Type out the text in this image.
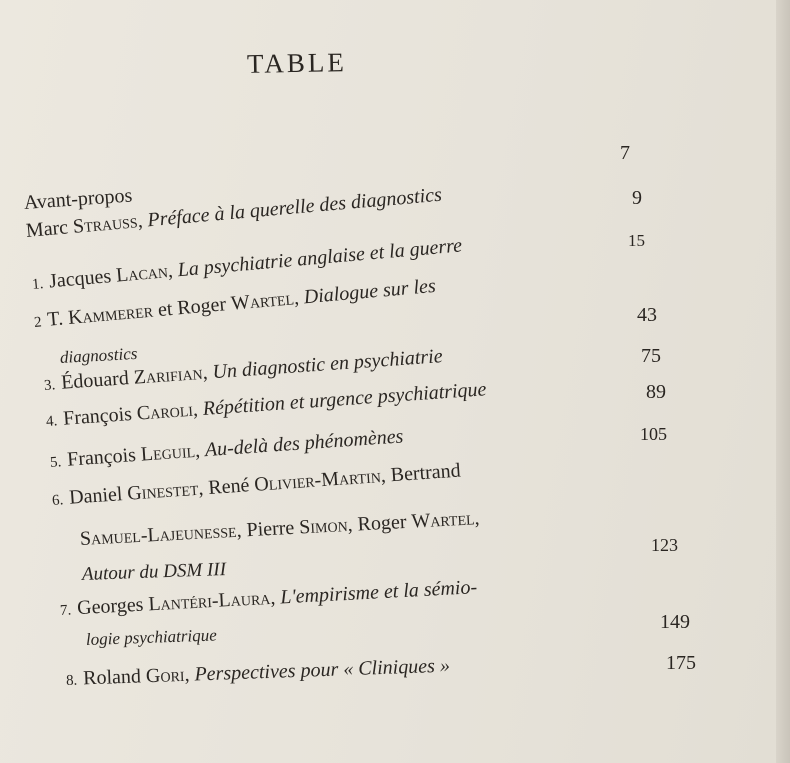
TABLE
7
9
15
43
75
89
105
123
149
175
Avant-propos
Marc Strauss, Préface à la querelle des diagnostics
1. Jacques Lacan, La psychiatrie anglaise et la guerre
2 T. Kammerer et Roger Wartel, Dialogue sur les
diagnostics
3. Édouard Zarifian, Un diagnostic en psychiatrie
4. François Caroli, Répétition et urgence psychiatrique
5. François Leguil, Au-delà des phénomènes
6. Daniel Ginestet, René Olivier-Martin, Bertrand
Samuel-Lajeunesse, Pierre Simon, Roger Wartel,
Autour du DSM III
7. Georges Lantéri-Laura, L'empirisme et la sémio-
logie psychiatrique
8. Roland Gori, Perspectives pour « Cliniques »
